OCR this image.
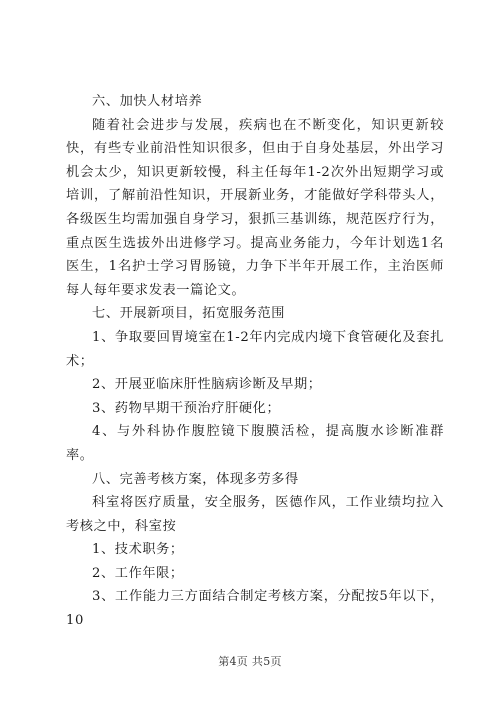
六、加快人材培养

随着社会进步与发展，疾病也在不断变化，知识更新较快，有些专业前沿性知识很多，但由于自身处基层，外出学习机会太少，知识更新较慢，科主任每年1-2次外出短期学习或培训，了解前沿性知识，开展新业务，才能做好学科带头人，各级医生均需加强自身学习，狠抓三基训练，规范医疗行为，重点医生选拔外出进修学习。提高业务能力，今年计划选1名医生，1名护士学习胃肠镜，力争下半年开展工作，主治医师每人每年要求发表一篇论文。

七、开展新项目，拓宽服务范围

1、争取要回胃境室在1-2年内完成内境下食管硬化及套扎术；

2、开展亚临床肝性脑病诊断及早期；

3、药物早期干预治疗肝硬化；

4、与外科协作腹腔镜下腹膜活检，提高腹水诊断准群率。

八、完善考核方案，体现多劳多得

科室将医疗质量，安全服务，医德作风，工作业绩均拉入考核之中，科室按

1、技术职务；

2、工作年限；

3、工作能力三方面结合制定考核方案，分配按5年以下，10

第4页 共5页
